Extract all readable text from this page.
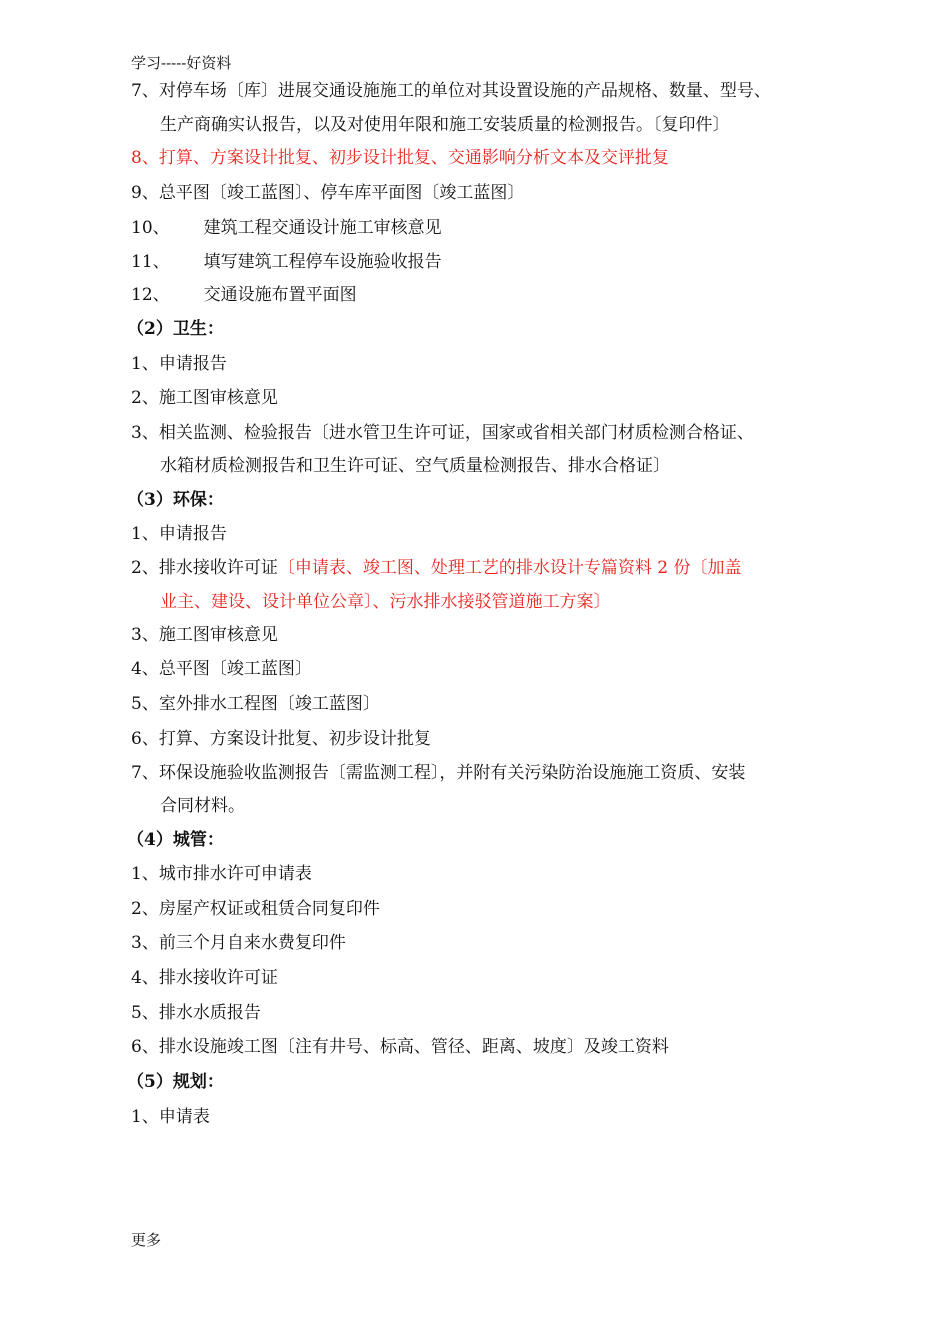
学习-----好资料
7、对停车场〔库〕进展交通设施施工的单位对其设置设施的产品规格、数量、型号、
生产商确实认报告，以及对使用年限和施工安装质量的检测报告。〔复印件〕
8、打算、方案设计批复、初步设计批复、交通影响分析文本及交评批复
9、总平图〔竣工蓝图〕、停车库平面图〔竣工蓝图〕
10、 建筑工程交通设计施工审核意见
11、 填写建筑工程停车设施验收报告
12、 交通设施布置平面图
（2）卫生：
1、申请报告
2、施工图审核意见
3、相关监测、检验报告〔进水管卫生许可证，国家或省相关部门材质检测合格证、
水箱材质检测报告和卫生许可证、空气质量检测报告、排水合格证〕
（3）环保：
1、申请报告
2、排水接收许可证〔申请表、竣工图、处理工艺的排水设计专篇资料 2 份〔加盖
业主、建设、设计单位公章〕、污水排水接驳管道施工方案〕
3、施工图审核意见
4、总平图〔竣工蓝图〕
5、室外排水工程图〔竣工蓝图〕
6、打算、方案设计批复、初步设计批复
7、环保设施验收监测报告〔需监测工程〕，并附有关污染防治设施施工资质、安装
合同材料。
（4）城管：
1、城市排水许可申请表
2、房屋产权证或租赁合同复印件
3、前三个月自来水费复印件
4、排水接收许可证
5、排水水质报告
6、排水设施竣工图〔注有井号、标高、管径、距离、坡度〕及竣工资料
（5）规划：
1、申请表
更多
